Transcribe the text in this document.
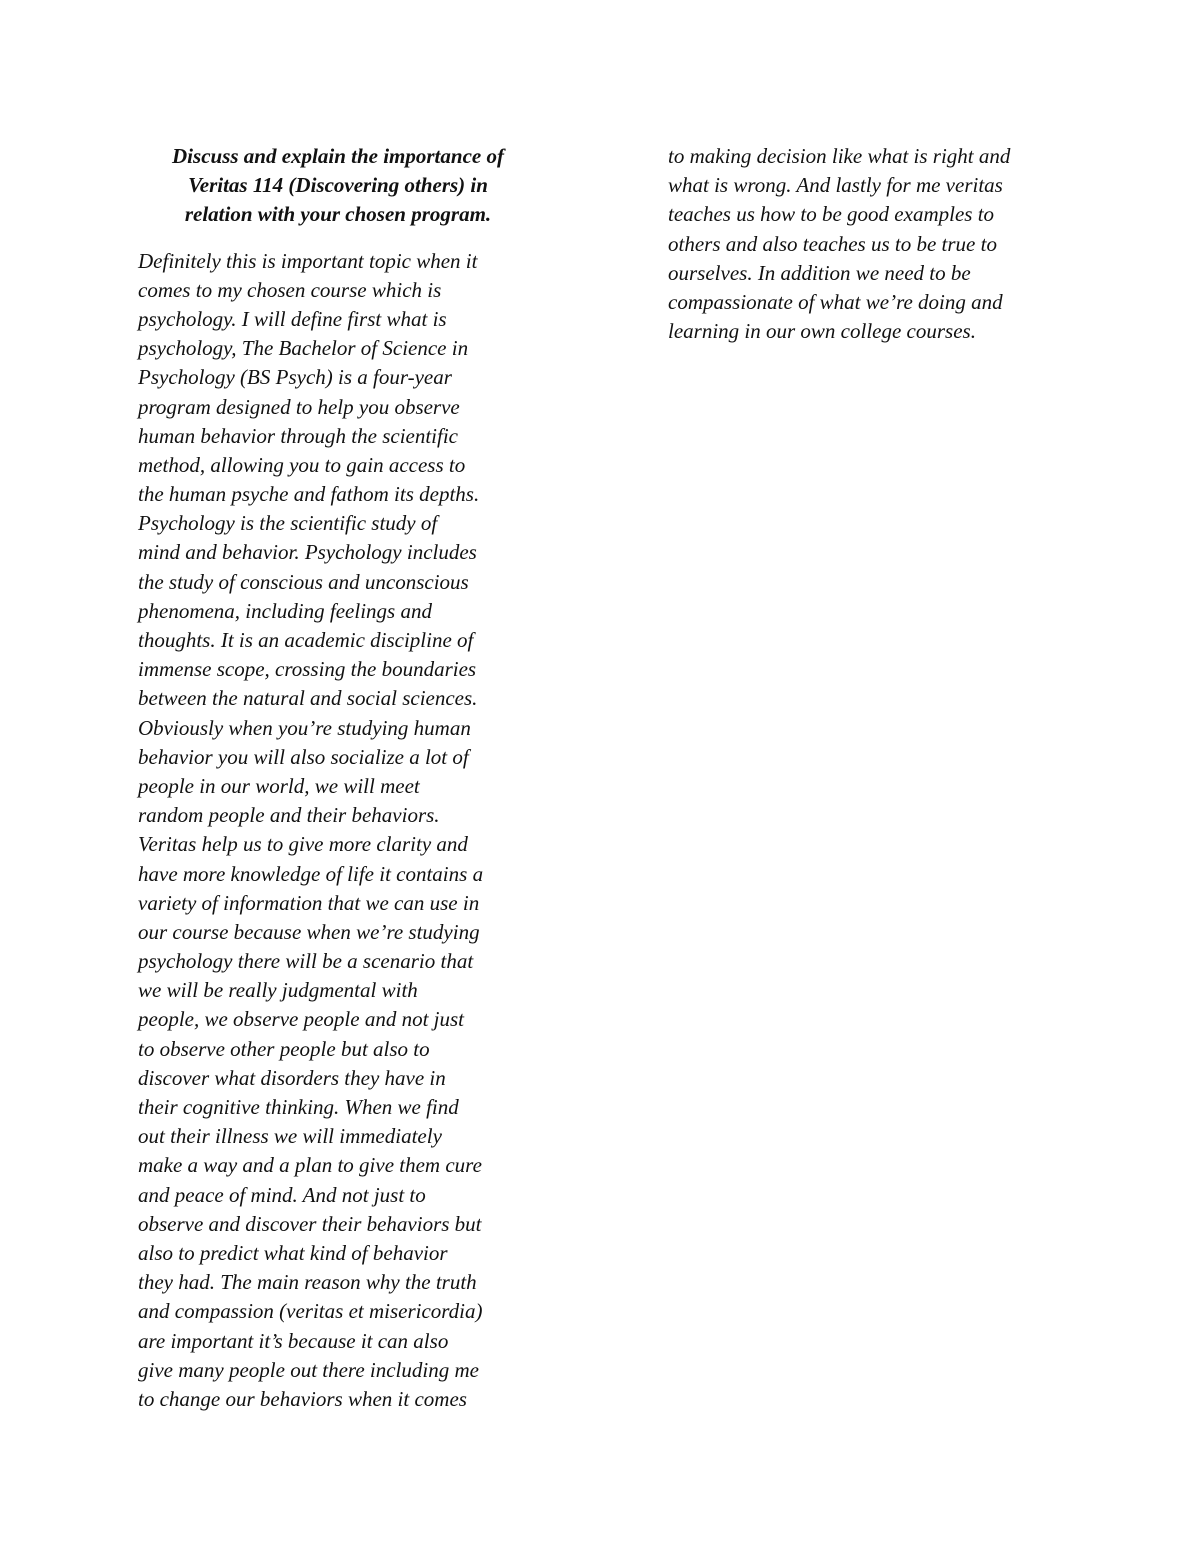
Discuss and explain the importance of
Veritas 114 (Discovering others) in
relation with your chosen program.
Definitely this is important topic when it
comes to my chosen course which is
psychology. I will define first what is
psychology, The Bachelor of Science in
Psychology (BS Psych) is a four-year
program designed to help you observe
human behavior through the scientific
method, allowing you to gain access to
the human psyche and fathom its depths.
Psychology is the scientific study of
mind and behavior. Psychology includes
the study of conscious and unconscious
phenomena, including feelings and
thoughts. It is an academic discipline of
immense scope, crossing the boundaries
between the natural and social sciences.
Obviously when you’re studying human
behavior you will also socialize a lot of
people in our world, we will meet
random people and their behaviors.
Veritas help us to give more clarity and
have more knowledge of life it contains a
variety of information that we can use in
our course because when we’re studying
psychology there will be a scenario that
we will be really judgmental with
people, we observe people and not just
to observe other people but also to
discover what disorders they have in
their cognitive thinking. When we find
out their illness we will immediately
make a way and a plan to give them cure
and peace of mind. And not just to
observe and discover their behaviors but
also to predict what kind of behavior
they had. The main reason why the truth
and compassion (veritas et misericordia)
are important it’s because it can also
give many people out there including me
to change our behaviors when it comes
to making decision like what is right and
what is wrong. And lastly for me veritas
teaches us how to be good examples to
others and also teaches us to be true to
ourselves. In addition we need to be
compassionate of what we’re doing and
learning in our own college courses.
